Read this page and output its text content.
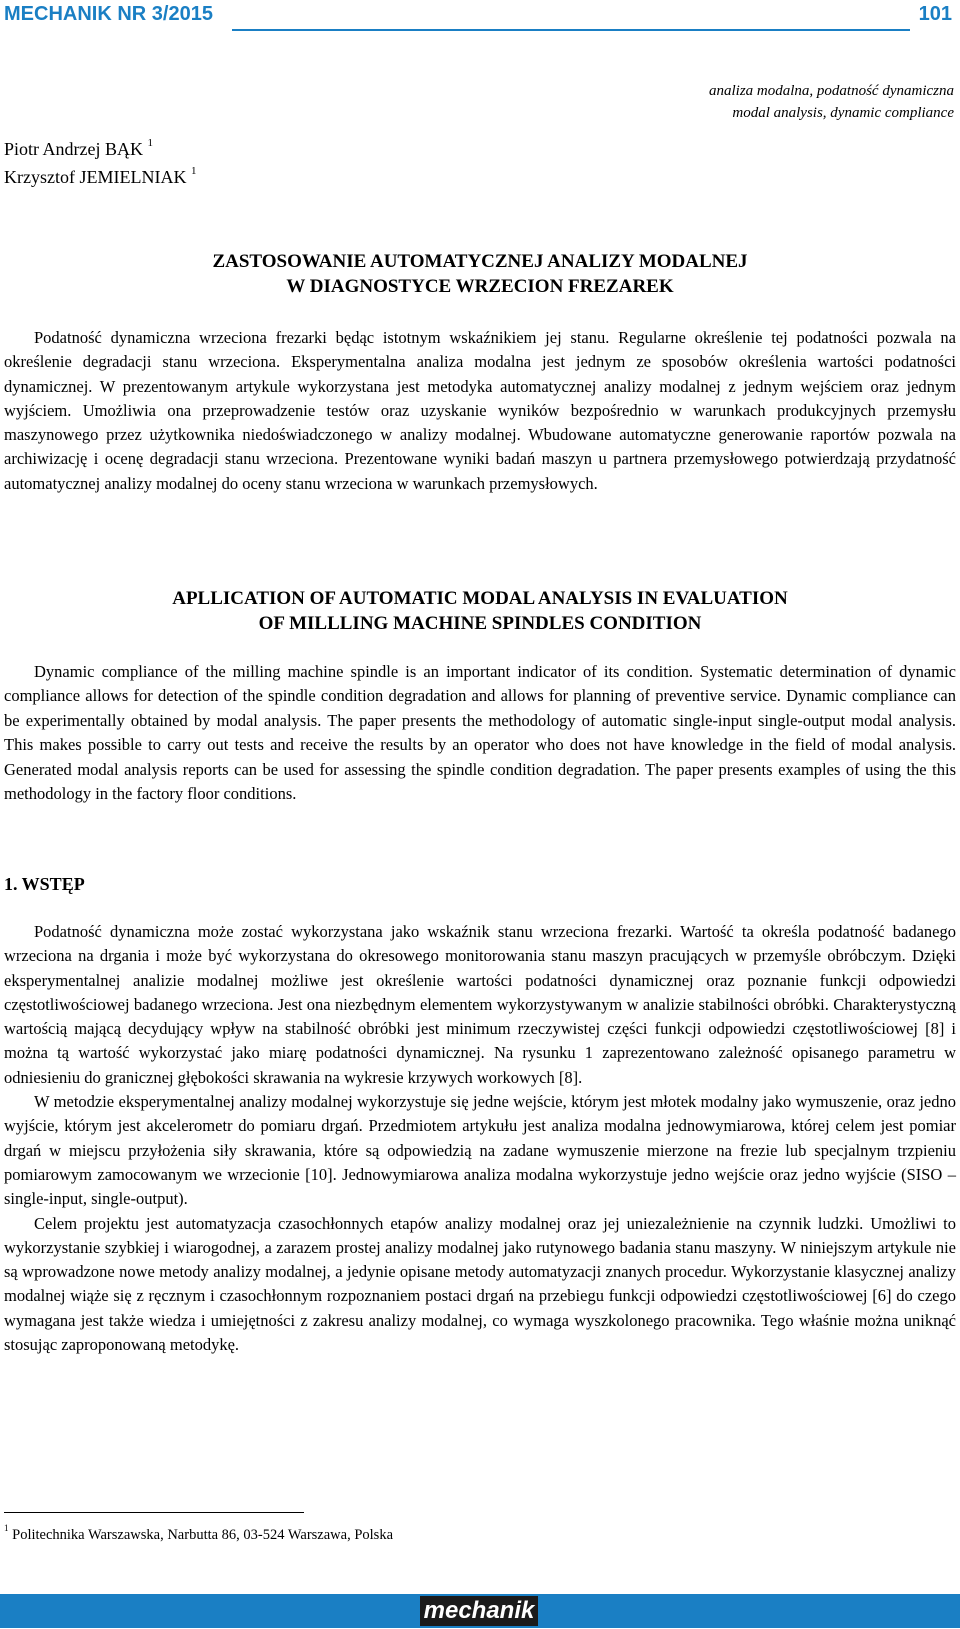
MECHANIK NR 3/2015	101
analiza modalna, podatność dynamiczna
modal analysis, dynamic compliance
Piotr Andrzej BĄK $^1$
Krzysztof JEMIELNIAK $^1$
ZASTOSOWANIE AUTOMATYCZNEJ ANALIZY MODALNEJ
W DIAGNOSTYCE WRZECION FREZAREK

Podatność dynamiczna wrzeciona frezarki będąc istotnym wskaźnikiem jej stanu. Regularne określenie tej podatności pozwala na określenie degradacji stanu wrzeciona. Eksperymentalna analiza modalna jest jednym ze sposobów określenia wartości podatności dynamicznej. W prezentowanym artykule wykorzystana jest metodyka automatycznej analizy modalnej z jednym wejściem oraz jednym wyjściem. Umożliwia ona przeprowadzenie testów oraz uzyskanie wyników bezpośrednio w warunkach produkcyjnych przemysłu maszynowego przez użytkownika niedoświadczonego w analizy modalnej. Wbudowane automatyczne generowanie raportów pozwala na archiwizację i ocenę degradacji stanu wrzeciona. Prezentowane wyniki badań maszyn u partnera przemysłowego potwierdzają przydatność automatycznej analizy modalnej do oceny stanu wrzeciona w warunkach przemysłowych.

APLLICATION OF AUTOMATIC MODAL ANALYSIS IN EVALUATION
OF MILLLING MACHINE SPINDLES CONDITION

Dynamic compliance of the milling machine spindle is an important indicator of its condition. Systematic determination of dynamic compliance allows for detection of the spindle condition degradation and allows for planning of preventive service. Dynamic compliance can be experimentally obtained by modal analysis. The paper presents the methodology of automatic single-input single-output modal analysis. This makes possible to carry out tests and receive the results by an operator who does not have knowledge in the field of modal analysis. Generated modal analysis reports can be used for assessing the spindle condition degradation. The paper presents examples of using the this methodology in the factory floor conditions.

1. WSTĘP

Podatność dynamiczna może zostać wykorzystana jako wskaźnik stanu wrzeciona frezarki. Wartość ta określa podatność badanego wrzeciona na drgania i może być wykorzystana do okresowego monitorowania stanu maszyn pracujących w przemyśle obróbczym. Dzięki eksperymentalnej analizie modalnej możliwe jest określenie wartości podatności dynamicznej oraz poznanie funkcji odpowiedzi częstotliwościowej badanego wrzeciona. Jest ona niezbędnym elementem wykorzystywanym w analizie stabilności obróbki. Charakterystyczną wartością mającą decydujący wpływ na stabilność obróbki jest minimum rzeczywistej części funkcji odpowiedzi częstotliwościowej [8] i można tą wartość wykorzystać jako miarę podatności dynamicznej. Na rysunku 1 zaprezentowano zależność opisanego parametru w odniesieniu do granicznej głębokości skrawania na wykresie krzywych workowych [8].

W metodzie eksperymentalnej analizy modalnej wykorzystuje się jedne wejście, którym jest młotek modalny jako wymuszenie, oraz jedno wyjście, którym jest akcelerometr do pomiaru drgań. Przedmiotem artykułu jest analiza modalna jednowymiarowa, której celem jest pomiar drgań w miejscu przyłożenia siły skrawania, które są odpowiedzią na zadane wymuszenie mierzone na frezie lub specjalnym trzpieniu pomiarowym zamocowanym we wrzecionie [10]. Jednowymiarowa analiza modalna wykorzystuje jedno wejście oraz jedno wyjście (SISO – single-input, single-output).

Celem projektu jest automatyzacja czasochłonnych etapów analizy modalnej oraz jej uniezależnienie na czynnik ludzki. Umożliwi to wykorzystanie szybkiej i wiarogodnej, a zarazem prostej analizy modalnej jako rutynowego badania stanu maszyny. W niniejszym artykule nie są wprowadzone nowe metody analizy modalnej, a jedynie opisane metody automatyzacji znanych procedur. Wykorzystanie klasycznej analizy modalnej wiąże się z ręcznym i czasochłonnym rozpoznaniem postaci drgań na przebiegu funkcji odpowiedzi częstotliwościowej [6] do czego wymagana jest także wiedza i umiejętności z zakresu analizy modalnej, co wymaga wyszkolonego pracownika. Tego właśnie można uniknąć stosując zaproponowaną metodykę.

$^1$ Politechnika Warszawska, Narbutta 86, 03-524 Warszawa, Polska
mechanik
